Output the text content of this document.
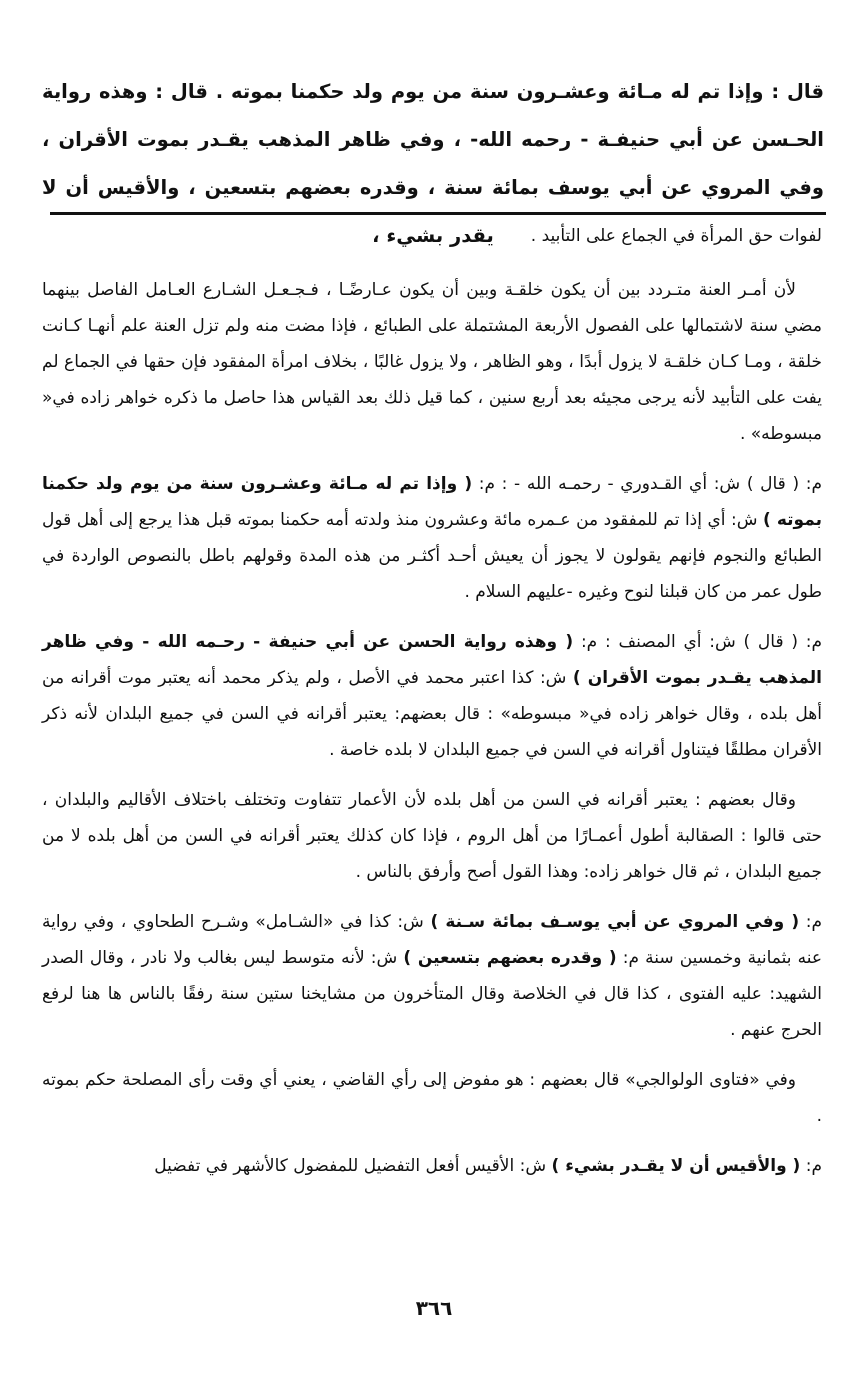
قال : وإذا تم له مـائة وعشـرون سنة من يوم ولد حكمنا بموته . قال : وهذه رواية الحـسن عن أبي حنيفـة - رحمه الله- ، وفي ظاهر المذهب يقـدر بموت الأقران ، وفي المروي عن أبي يوسف بمائة سنة ، وقدره بعضهم بتسعين ، والأقيس أن لا يقدر بشيء ،	لفوات حق المرأة في الجماع على التأبيد .

لأن أمـر العنة متـردد بين أن يكون خلقـة وبين أن يكون عـارضًـا ، فـجـعـل الشـارع العـامل الفاصل بينهما مضي سنة لاشتمالها على الفصول الأربعة المشتملة على الطبائع ، فإذا مضت منه ولم تزل العنة علم أنهـا كـانت خلقة ، ومـا كـان خلقـة لا يزول أبدًا ، وهو الظاهر ، ولا يزول غالبًا ، بخلاف امرأة المفقود فإن حقها في الجماع لم يفت على التأبيد لأنه يرجى مجيئه بعد أربع سنين ، كما قيل ذلك بعد القياس هذا حاصل ما ذكره خواهر زاده في« مبسوطه» .

م: ( قال ) ش: أي القـدوري - رحمـه الله - : م: ( وإذا تم له مـائة وعشـرون سنة من يوم ولد حكمنا بموته ) ش: أي إذا تم للمفقود من عـمره مائة وعشرون منذ ولدته أمه حكمنا بموته قبل هذا يرجع إلى أهل قول الطبائع والنجوم فإنهم يقولون لا يجوز أن يعيش أحـد أكثـر من هذه المدة وقولهم باطل بالنصوص الواردة في طول عمر من كان قبلنا لنوح وغيره -عليهم السلام .

م: ( قال ) ش: أي المصنف : م: ( وهذه رواية الحسن عن أبي حنيفة - رحـمه الله - وفي ظاهر المذهب يقـدر بموت الأقران ) ش: كذا اعتبر محمد في الأصل ، ولم يذكر محمد أنه يعتبر موت أقرانه من أهل بلده ، وقال خواهر زاده في« مبسوطه» : قال بعضهم: يعتبر أقرانه في السن في جميع البلدان لأنه ذكر الأقران مطلقًا فيتناول أقرانه في السن في جميع البلدان لا بلده خاصة .

وقال بعضهم : يعتبر أقرانه في السن من أهل بلده لأن الأعمار تتفاوت وتختلف باختلاف الأقاليم والبلدان ، حتى قالوا : الصقالبة أطول أعمـارًا من أهل الروم ، فإذا كان كذلك يعتبر أقرانه في السن من أهل بلده لا من جميع البلدان ، ثم قال خواهر زاده: وهذا القول أصح وأرفق بالناس .

م: ( وفي المروي عن أبي يوسـف بمائة سـنة ) ش: كذا في «الشـامل» وشـرح الطحاوي ، وفي رواية عنه بثمانية وخمسين سنة م: ( وقدره بعضهم بتسعين ) ش: لأنه متوسط ليس بغالب ولا نادر ، وقال الصدر الشهيد: عليه الفتوى ، كذا قال في الخلاصة وقال المتأخرون من مشايخنا ستين سنة رفقًا بالناس ها هنا لرفع الحرج عنهم .

وفي «فتاوى الولوالجي» قال بعضهم : هو مفوض إلى رأي القاضي ، يعني أي وقت رأى المصلحة حكم بموته .

م: ( والأقيس أن لا يقـدر بشيء ) ش: الأقيس أفعل التفضيل للمفضول كالأشهر في تفضيل

٣٦٦
